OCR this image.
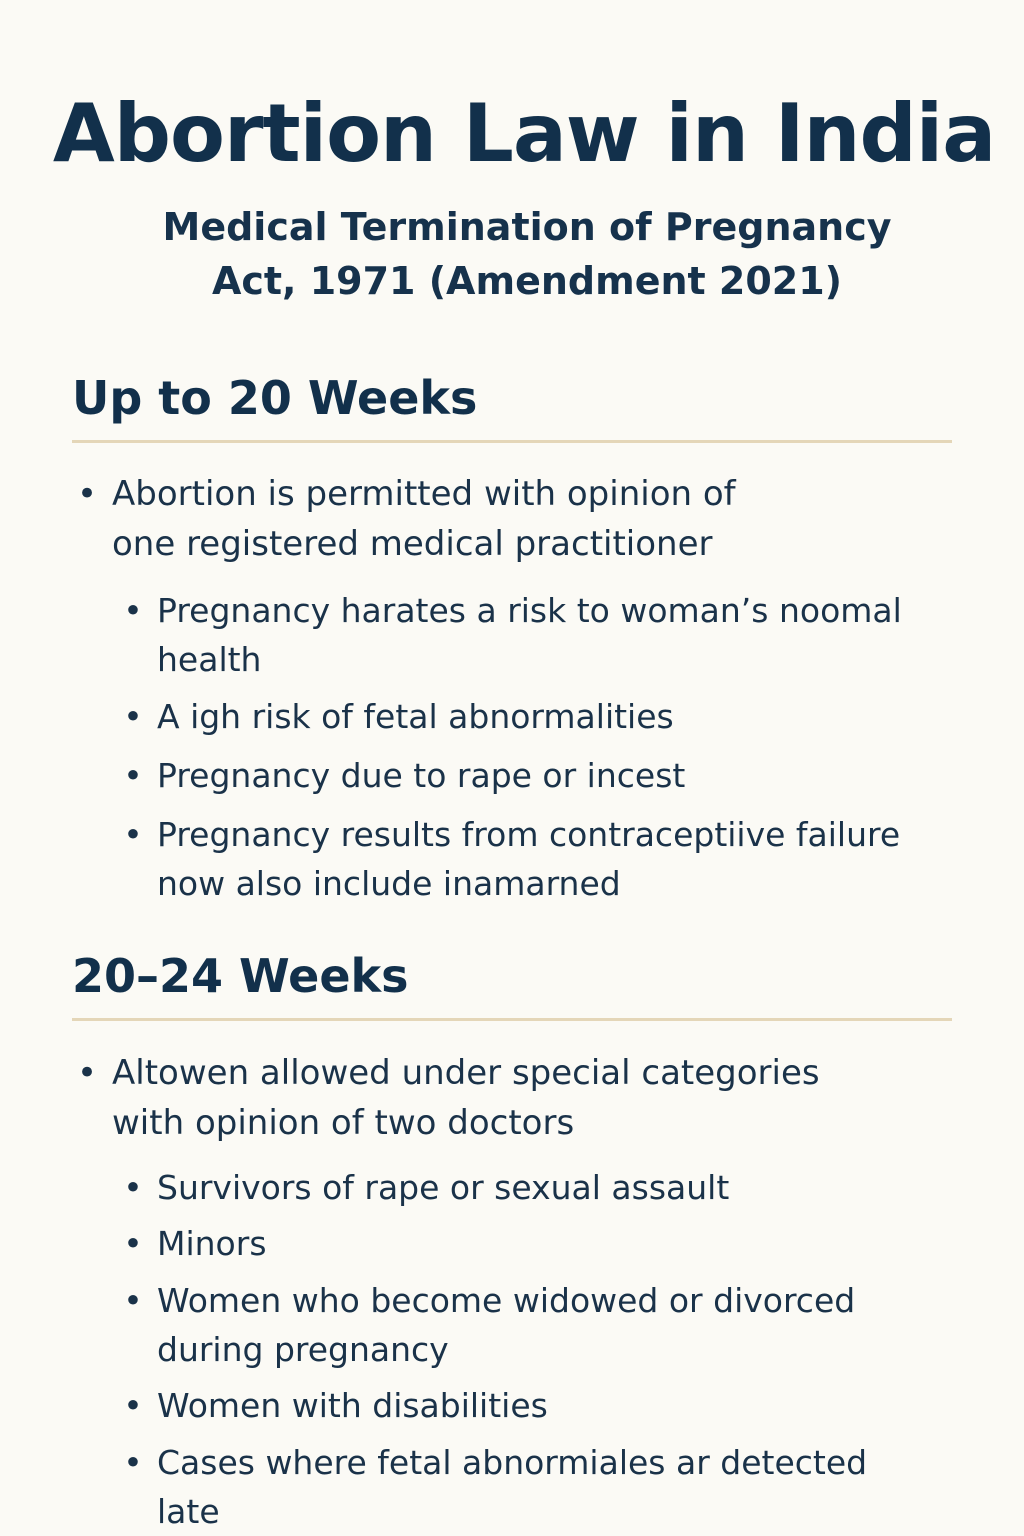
Abortion Law in India
Medical Termination of Pregnancy
Act, 1971 (Amendment 2021)
Up to 20 Weeks
• Abortion is permitted with opinion of one registered medical practitioner
• Pregnancy harates a risk to woman’s noomal health
• A igh risk of fetal abnormalities
• Pregnancy due to rape or incest
• Pregnancy results from contraceptiive failure now also include inamarned
20–24 Weeks
• Altowen allowed under special categories with opinion of two doctors
• Survivors of rape or sexual assault
• Minors
• Women who become widowed or divorced during pregnancy
• Women with disabilities
• Cases where fetal abnormiales ar detected late
